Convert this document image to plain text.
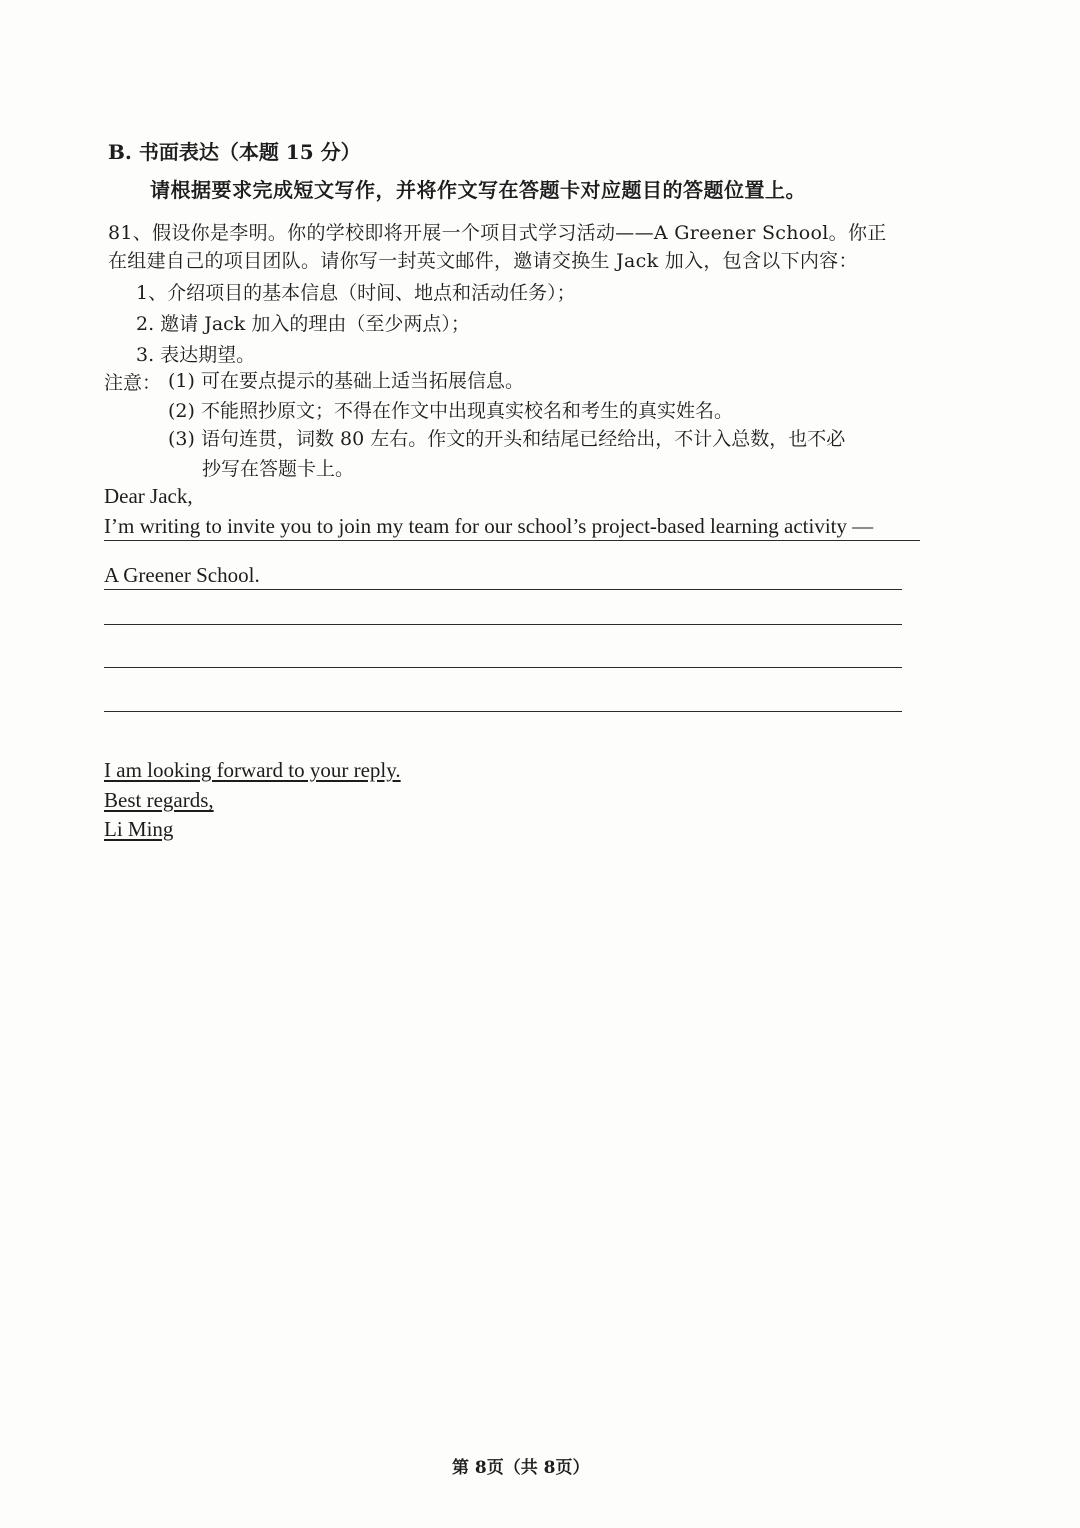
B. 书面表达（本题 15 分）
请根据要求完成短文写作，并将作文写在答题卡对应题目的答题位置上。
81、假设你是李明。你的学校即将开展一个项目式学习活动——A Greener School。你正
在组建自己的项目团队。请你写一封英文邮件，邀请交换生 Jack 加入，包含以下内容：
1、介绍项目的基本信息（时间、地点和活动任务）；
2. 邀请 Jack 加入的理由（至少两点）；
3. 表达期望。
注意： (1) 可在要点提示的基础上适当拓展信息。
(2) 不能照抄原文；不得在作文中出现真实校名和考生的真实姓名。
(3) 语句连贯，词数 80 左右。作文的开头和结尾已经给出，不计入总数，也不必
抄写在答题卡上。
Dear Jack,
I’m writing to invite you to join my team for our school’s project-based learning activity —
A Greener School.
I am looking forward to your reply.
Best regards,
Li Ming
第 8页（共 8页）
